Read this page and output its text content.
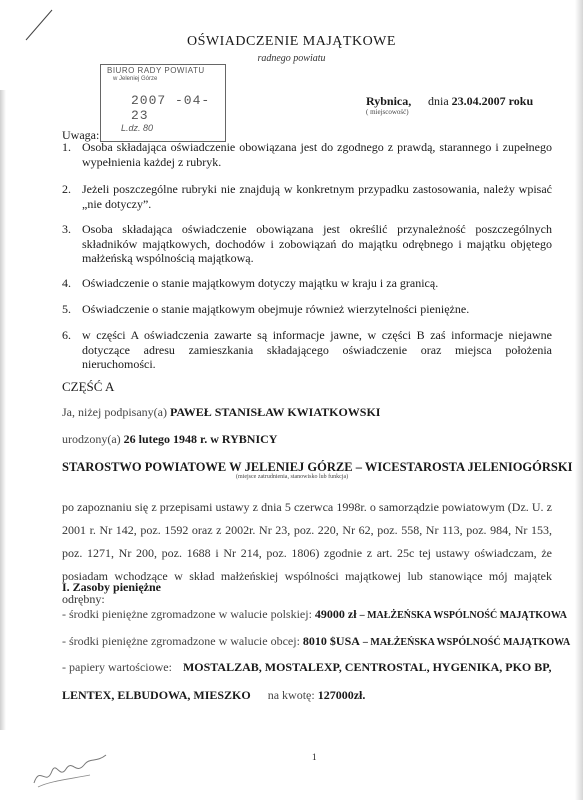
OŚWIADCZENIE MAJĄTKOWE
radnego powiatu
BIURO RADY POWIATU
w Jeleniej Górze
2007 -04- 23
L.dz. 80
Rybnica,
( miejscowość)
dnia 23.04.2007 roku
Uwaga:
1. Osoba składająca oświadczenie obowiązana jest do zgodnego z prawdą, starannego i zupełnego wypełnienia każdej z rubryk.
2. Jeżeli poszczególne rubryki nie znajdują w konkretnym przypadku zastosowania, należy wpisać „nie dotyczy”.
3. Osoba składająca oświadczenie obowiązana jest określić przynależność poszczególnych składników majątkowych, dochodów i zobowiązań do majątku odrębnego i majątku objętego małżeńską wspólnością majątkową.
4. Oświadczenie o stanie majątkowym dotyczy majątku w kraju i za granicą.
5. Oświadczenie o stanie majątkowym obejmuje również wierzytelności pieniężne.
6. w części A oświadczenia zawarte są informacje jawne, w części B zaś informacje niejawne dotyczące adresu zamieszkania składającego oświadczenie oraz miejsca położenia nieruchomości.
CZĘŚĆ A
Ja, niżej podpisany(a) PAWEŁ STANISŁAW KWIATKOWSKI
urodzony(a) 26 lutego 1948 r. w RYBNICY
STAROSTWO POWIATOWE W JELENIEJ GÓRZE – WICESTAROSTA JELENIOGÓRSKI
(miejsce zatrudnienia, stanowisko lub funkcja)
po zapoznaniu się z przepisami ustawy z dnia 5 czerwca 1998r. o samorządzie powiatowym (Dz. U. z 2001 r. Nr 142, poz. 1592 oraz z 2002r. Nr 23, poz. 220, Nr 62, poz. 558, Nr 113, poz. 984, Nr 153, poz. 1271, Nr 200, poz. 1688 i Nr 214, poz. 1806) zgodnie z art. 25c tej ustawy oświadczam, że posiadam wchodzące w skład małżeńskiej wspólności majątkowej lub stanowiące mój majątek odrębny:
I. Zasoby pieniężne
- środki pieniężne zgromadzone w walucie polskiej: 49000 zł – MAŁŻEŃSKA WSPÓLNOŚĆ MAJĄTKOWA
- środki pieniężne zgromadzone w walucie obcej: 8010 $USA – MAŁŻEŃSKA WSPÓLNOŚĆ MAJĄTKOWA
- papiery wartościowe: MOSTALZAB, MOSTALEXP, CENTROSTAL, HYGENIKA, PKO BP,
LENTEX, ELBUDOWA, MIESZKO na kwotę: 127000zł.
1
